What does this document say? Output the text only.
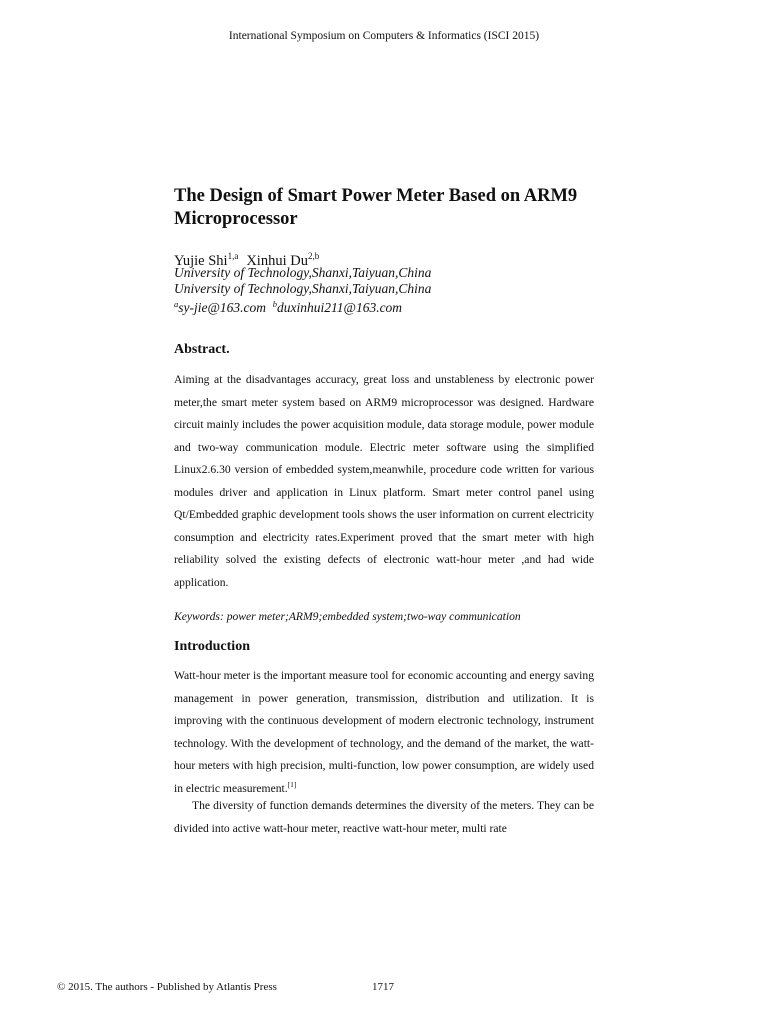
International Symposium on Computers & Informatics (ISCI 2015)
The Design of Smart Power Meter Based on ARM9 Microprocessor
Yujie Shi$^{1,a}$ Xinhui Du$^{2,b}$
University of Technology,Shanxi,Taiyuan,China
University of Technology,Shanxi,Taiyuan,China
$^a$sy-jie@163.com $^b$duxinhui211@163.com
Abstract.

Aiming at the disadvantages accuracy, great loss and unstableness by electronic power meter,the smart meter system based on ARM9 microprocessor was designed. Hardware circuit mainly includes the power acquisition module, data storage module, power module and two-way communication module. Electric meter software using the simplified Linux2.6.30 version of embedded system,meanwhile, procedure code written for various modules driver and application in Linux platform. Smart meter control panel using Qt/Embedded graphic development tools shows the user information on current electricity consumption and electricity rates.Experiment proved that the smart meter with high reliability solved the existing defects of electronic watt-hour meter ,and had wide application.

Keywords: power meter;ARM9;embedded system;two-way communication

Introduction

Watt-hour meter is the important measure tool for economic accounting and energy saving management in power generation, transmission, distribution and utilization. It is improving with the continuous development of modern electronic technology, instrument technology. With the development of technology, and the demand of the market, the watt-hour meters with high precision, multi-function, low power consumption, are widely used in electric measurement.[1]

The diversity of function demands determines the diversity of the meters. They can be divided into active watt-hour meter, reactive watt-hour meter, multi rate

© 2015. The authors - Published by Atlantis Press	1717
